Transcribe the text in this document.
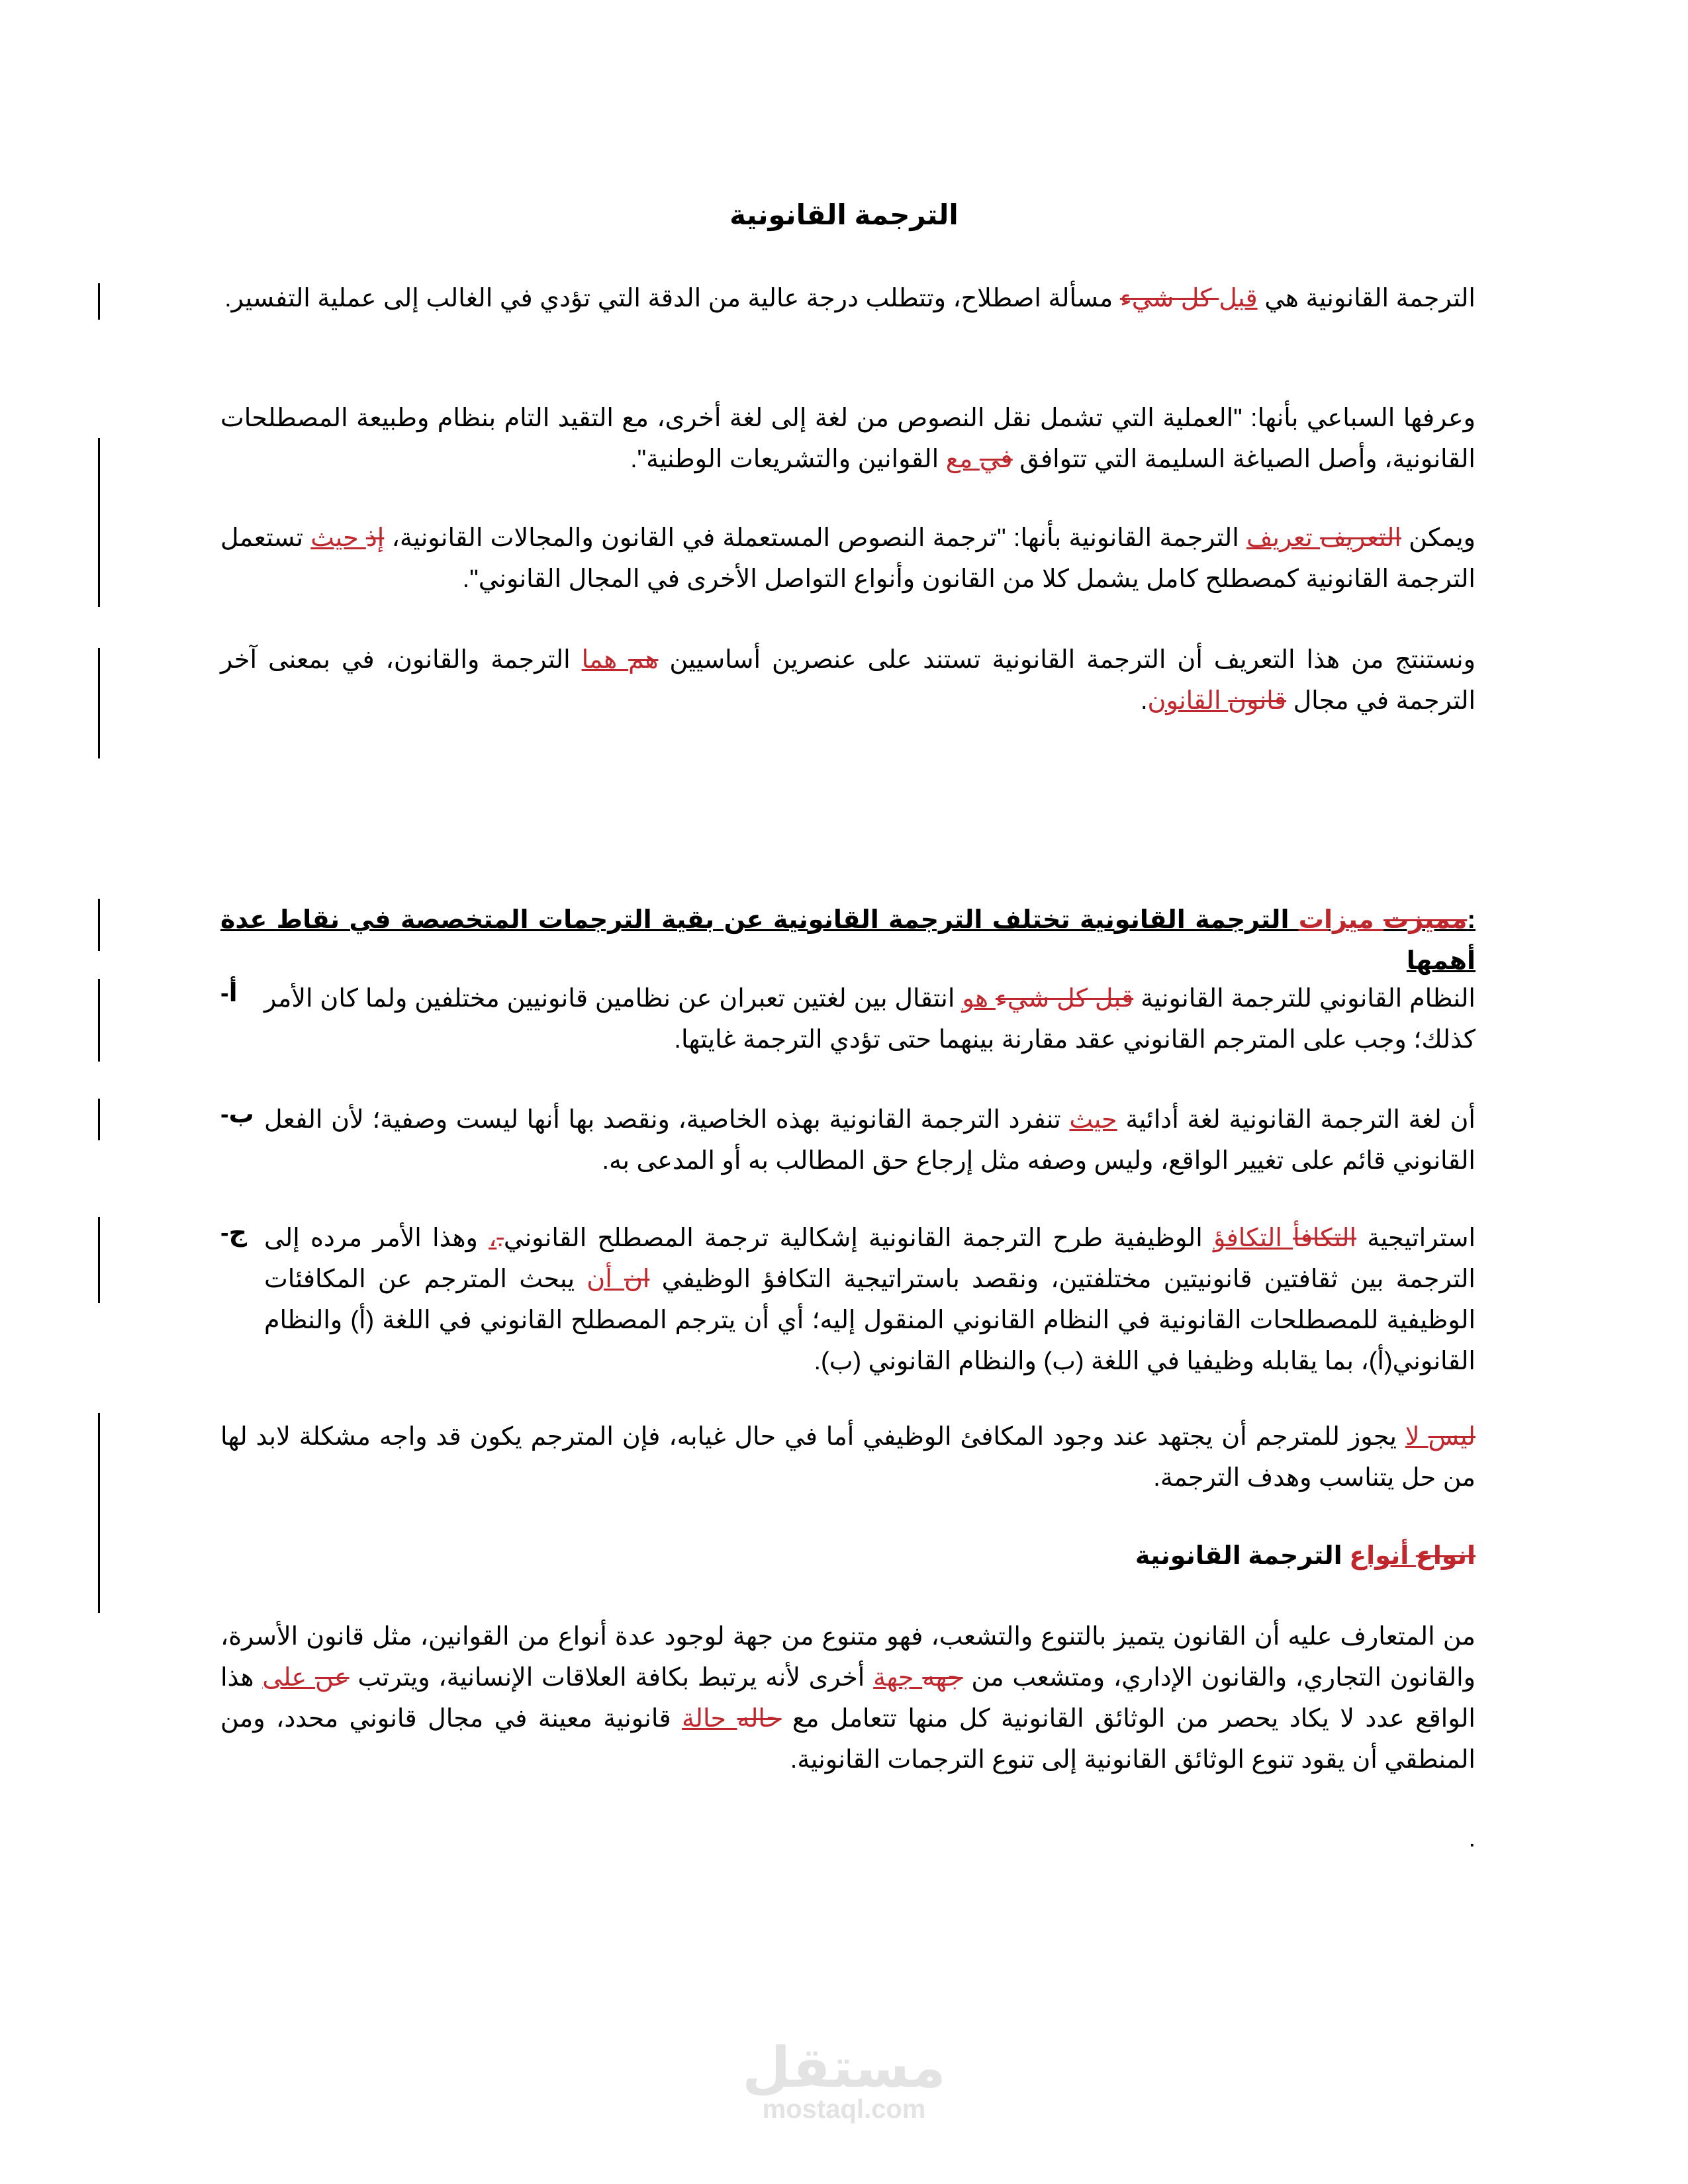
الترجمة القانونية
الترجمة القانونية هي قبل كل شيء مسألة اصطلاح، وتتطلب درجة عالية من الدقة التي تؤدي في الغالب إلى عملية التفسير.
وعرفها السباعي بأنها: "العملية التي تشمل نقل النصوص من لغة إلى لغة أخرى، مع التقيد التام بنظام وطبيعة المصطلحات القانونية، وأصل الصياغة السليمة التي تتوافق في مع القوانين والتشريعات الوطنية".
ويمكن التعريف تعريف الترجمة القانونية بأنها: "ترجمة النصوص المستعملة في القانون والمجالات القانونية، إذ حيث تستعمل الترجمة القانونية كمصطلح كامل يشمل كلا من القانون وأنواع التواصل الأخرى في المجال القانوني".
ونستنتج من هذا التعريف أن الترجمة القانونية تستند على عنصرين أساسيين هم هما الترجمة والقانون، في بمعنى آخر الترجمة في مجال قانون القانون.
:مميزت ميزات الترجمة القانونية تختلف الترجمة القانونية عن بقية الترجمات المتخصصة في نقاط عدة أهمها
النظام القانوني للترجمة القانونية قبل كل شيء هو انتقال بين لغتين تعبران عن نظامين قانونيين مختلفين ولما كان الأمر كذلك؛ وجب على المترجم القانوني عقد مقارنة بينهما حتى تؤدي الترجمة غايتها.
أن لغة الترجمة القانونية لغة أدائية حيث تنفرد الترجمة القانونية بهذه الخاصية، ونقصد بها أنها ليست وصفية؛ لأن الفعل القانوني قائم على تغيير الواقع، وليس وصفه مثل إرجاع حق المطالب به أو المدعى به.
استراتيجية التكافأ التكافؤ الوظيفية طرح الترجمة القانونية إشكالية ترجمة المصطلح القانوني.، وهذا الأمر مرده إلى الترجمة بين ثقافتين قانونيتين مختلفتين، ونقصد باستراتيجية التكافؤ الوظيفي ان أن يبحث المترجم عن المكافئات الوظيفية للمصطلحات القانونية في النظام القانوني المنقول إليه؛ أي أن يترجم المصطلح القانوني في اللغة (أ) والنظام القانوني(أ)، بما يقابله وظيفيا في اللغة (ب) والنظام القانوني (ب).
ليس لا يجوز للمترجم أن يجتهد عند وجود المكافئ الوظيفي أما في حال غيابه، فإن المترجم يكون قد واجه مشكلة لابد لها من حل يتناسب وهدف الترجمة.
انواع أنواع الترجمة القانونية
من المتعارف عليه أن القانون يتميز بالتنوع والتشعب، فهو متنوع من جهة لوجود عدة أنواع من القوانين، مثل قانون الأسرة، والقانون التجاري، والقانون الإداري، ومتشعب من جهه جهة أخرى لأنه يرتبط بكافة العلاقات الإنسانية، ويترتب عن على هذا الواقع عدد لا يكاد يحصر من الوثائق القانونية كل منها تتعامل مع حاله حالة قانونية معينة في مجال قانوني محدد، ومن المنطقي أن يقود تنوع الوثائق القانونية إلى تنوع الترجمات القانونية.
.
مستقل
mostaql.com
-أ
-ب
-ج
